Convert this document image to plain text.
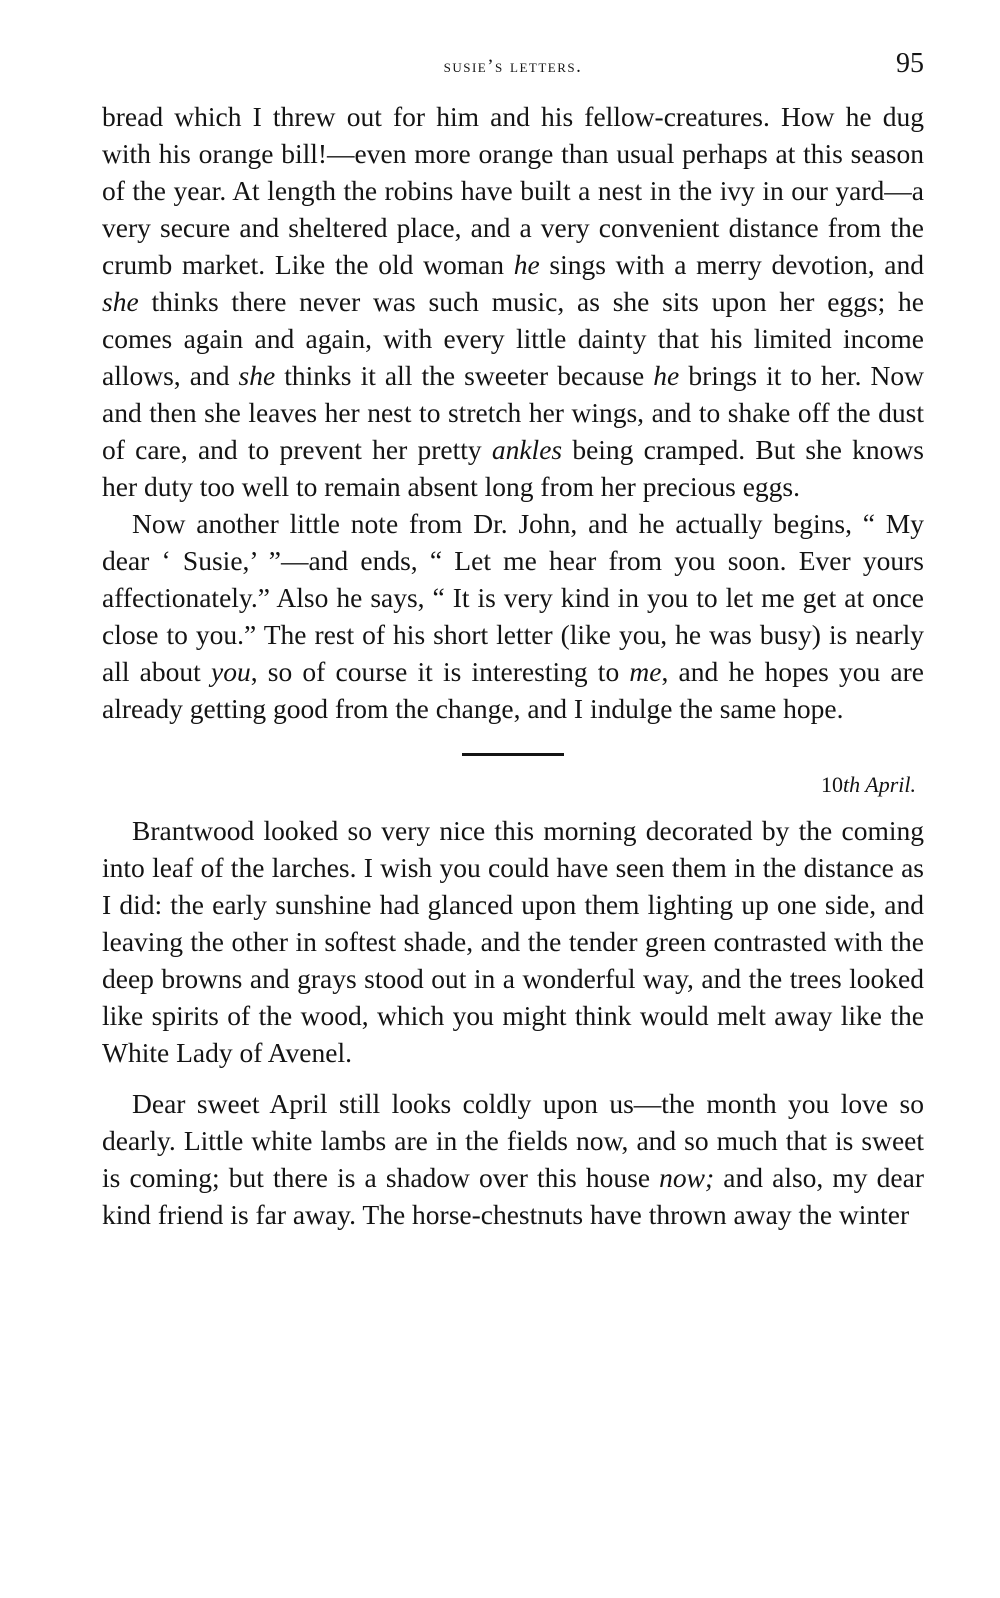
susie’s letters.	95

bread which I threw out for him and his fellow-creatures. How he dug with his orange bill!—even more orange than usual perhaps at this season of the year. At length the robins have built a nest in the ivy in our yard—a very secure and sheltered place, and a very convenient distance from the crumb market. Like the old woman he sings with a merry devotion, and she thinks there never was such music, as she sits upon her eggs; he comes again and again, with every little dainty that his limited income allows, and she thinks it all the sweeter because he brings it to her. Now and then she leaves her nest to stretch her wings, and to shake off the dust of care, and to prevent her pretty ankles being cramped. But she knows her duty too well to remain absent long from her precious eggs.

Now another little note from Dr. John, and he actually begins, “ My dear ‘ Susie,’ ”—and ends, “ Let me hear from you soon. Ever yours affectionately.” Also he says, “ It is very kind in you to let me get at once close to you.” The rest of his short letter (like you, he was busy) is nearly all about you, so of course it is interesting to me, and he hopes you are already getting good from the change, and I indulge the same hope.

10th April.

Brantwood looked so very nice this morning decorated by the coming into leaf of the larches. I wish you could have seen them in the distance as I did: the early sunshine had glanced upon them lighting up one side, and leaving the other in softest shade, and the tender green contrasted with the deep browns and grays stood out in a wonderful way, and the trees looked like spirits of the wood, which you might think would melt away like the White Lady of Avenel.

Dear sweet April still looks coldly upon us—the month you love so dearly. Little white lambs are in the fields now, and so much that is sweet is coming; but there is a shadow over this house now; and also, my dear kind friend is far away. The horse-chestnuts have thrown away the winter
